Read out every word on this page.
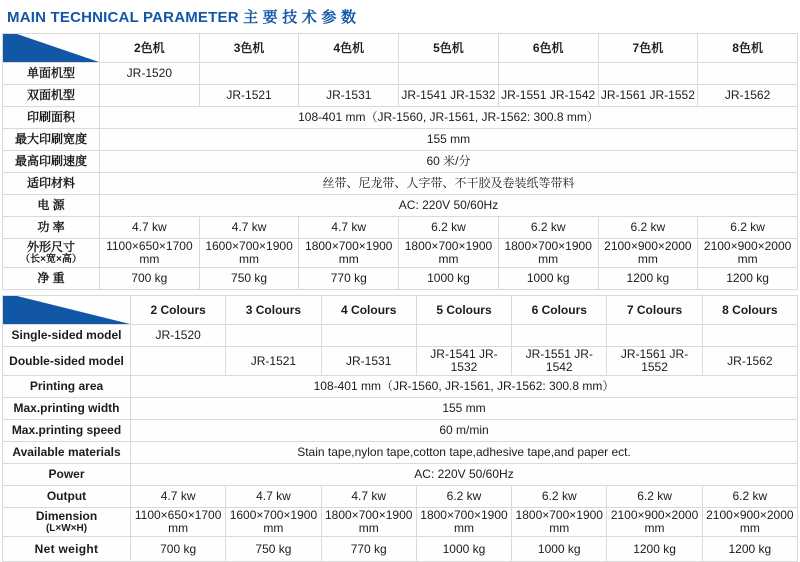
MAIN TECHNICAL PARAMETER 主 要 技 术 参 数
	2色机	3色机	4色机	5色机	6色机	7色机	8色机
单面机型	JR-1520						
双面机型		JR-1521	JR-1531	JR-1541 JR-1532	JR-1551 JR-1542	JR-1561 JR-1552	JR-1562
印刷面积	108-401 mm（JR-1560, JR-1561, JR-1562: 300.8 mm）						
最大印刷宽度	155 mm						
最高印刷速度	60 米/分						
适印材料	丝带、尼龙带、人字带、不干胶及卷装纸等带料						
电 源	AC: 220V 50/60Hz						
功 率	4.7 kw	4.7 kw	4.7 kw	6.2 kw	6.2 kw	6.2 kw	6.2 kw
外形尺寸
（长×宽×高）	1100×650×1700 mm	1600×700×1900 mm	1800×700×1900 mm	1800×700×1900 mm	1800×700×1900 mm	2100×900×2000 mm	2100×900×2000 mm
净 重	700 kg	750 kg	770 kg	1000 kg	1000 kg	1200 kg	1200 kg
	2 Colours	3 Colours	4 Colours	5 Colours	6 Colours	7 Colours	8 Colours
Single-sided model	JR-1520						
Double-sided model		JR-1521	JR-1531	JR-1541 JR-1532	JR-1551 JR-1542	JR-1561 JR-1552	JR-1562
Printing area	108-401 mm（JR-1560, JR-1561, JR-1562: 300.8 mm）						
Max.printing width	155 mm						
Max.printing speed	60 m/min						
Available materials	Stain tape,nylon tape,cotton tape,adhesive tape,and paper ect.						
Power	AC: 220V 50/60Hz						
Output	4.7 kw	4.7 kw	4.7 kw	6.2 kw	6.2 kw	6.2 kw	6.2 kw
Dimension
(L×W×H)	1100×650×1700 mm	1600×700×1900 mm	1800×700×1900 mm	1800×700×1900 mm	1800×700×1900 mm	2100×900×2000 mm	2100×900×2000 mm
Net weight	700 kg	750 kg	770 kg	1000 kg	1000 kg	1200 kg	1200 kg
